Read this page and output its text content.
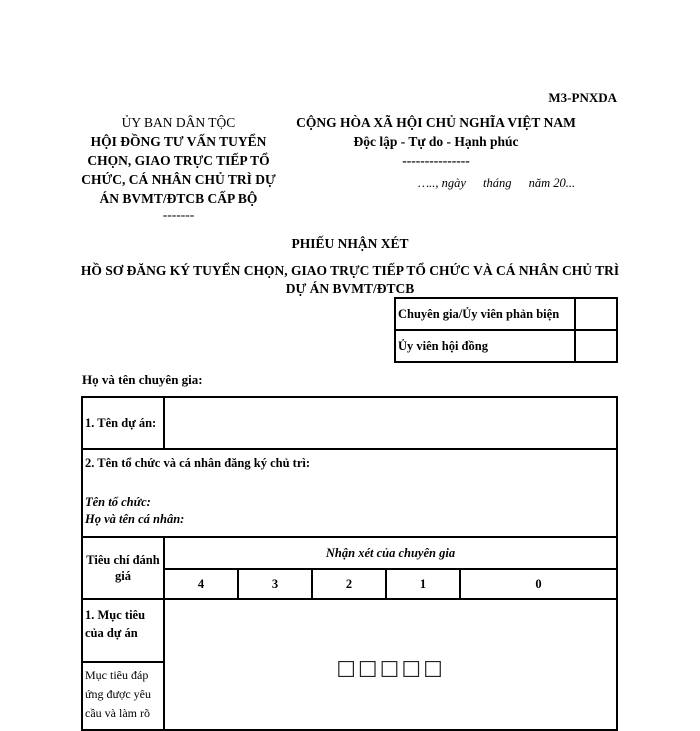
M3-PNXDA
ỦY BAN DÂN TỘC
HỘI ĐỒNG TƯ VẤN TUYỂN CHỌN, GIAO TRỰC TIẾP TỔ CHỨC, CÁ NHÂN CHỦ TRÌ DỰ ÁN BVMT/ĐTCB CẤP BỘ
-------
CỘNG HÒA XÃ HỘI CHỦ NGHĨA VIỆT NAM
Độc lập - Tự do - Hạnh phúc
---------------
….., ngày tháng năm 20...
PHIẾU NHẬN XÉT
HỒ SƠ ĐĂNG KÝ TUYỂN CHỌN, GIAO TRỰC TIẾP TỔ CHỨC VÀ CÁ NHÂN CHỦ TRÌ DỰ ÁN BVMT/ĐTCB
Chuyên gia/Ủy viên phản biện	
Ủy viên hội đồng	
Họ và tên chuyên gia:
1. Tên dự án:					
2. Tên tổ chức và cá nhân đăng ký chủ trì:					
Tên tổ chức:					
Họ và tên cá nhân:					
Tiêu chí đánh giá	Nhận xét của chuyên gia				
	4	3	2	1	0
1. Mục tiêu của dự án	☐☐☐☐☐				
Mục tiêu đáp ứng được yêu cầu và làm rõ					
